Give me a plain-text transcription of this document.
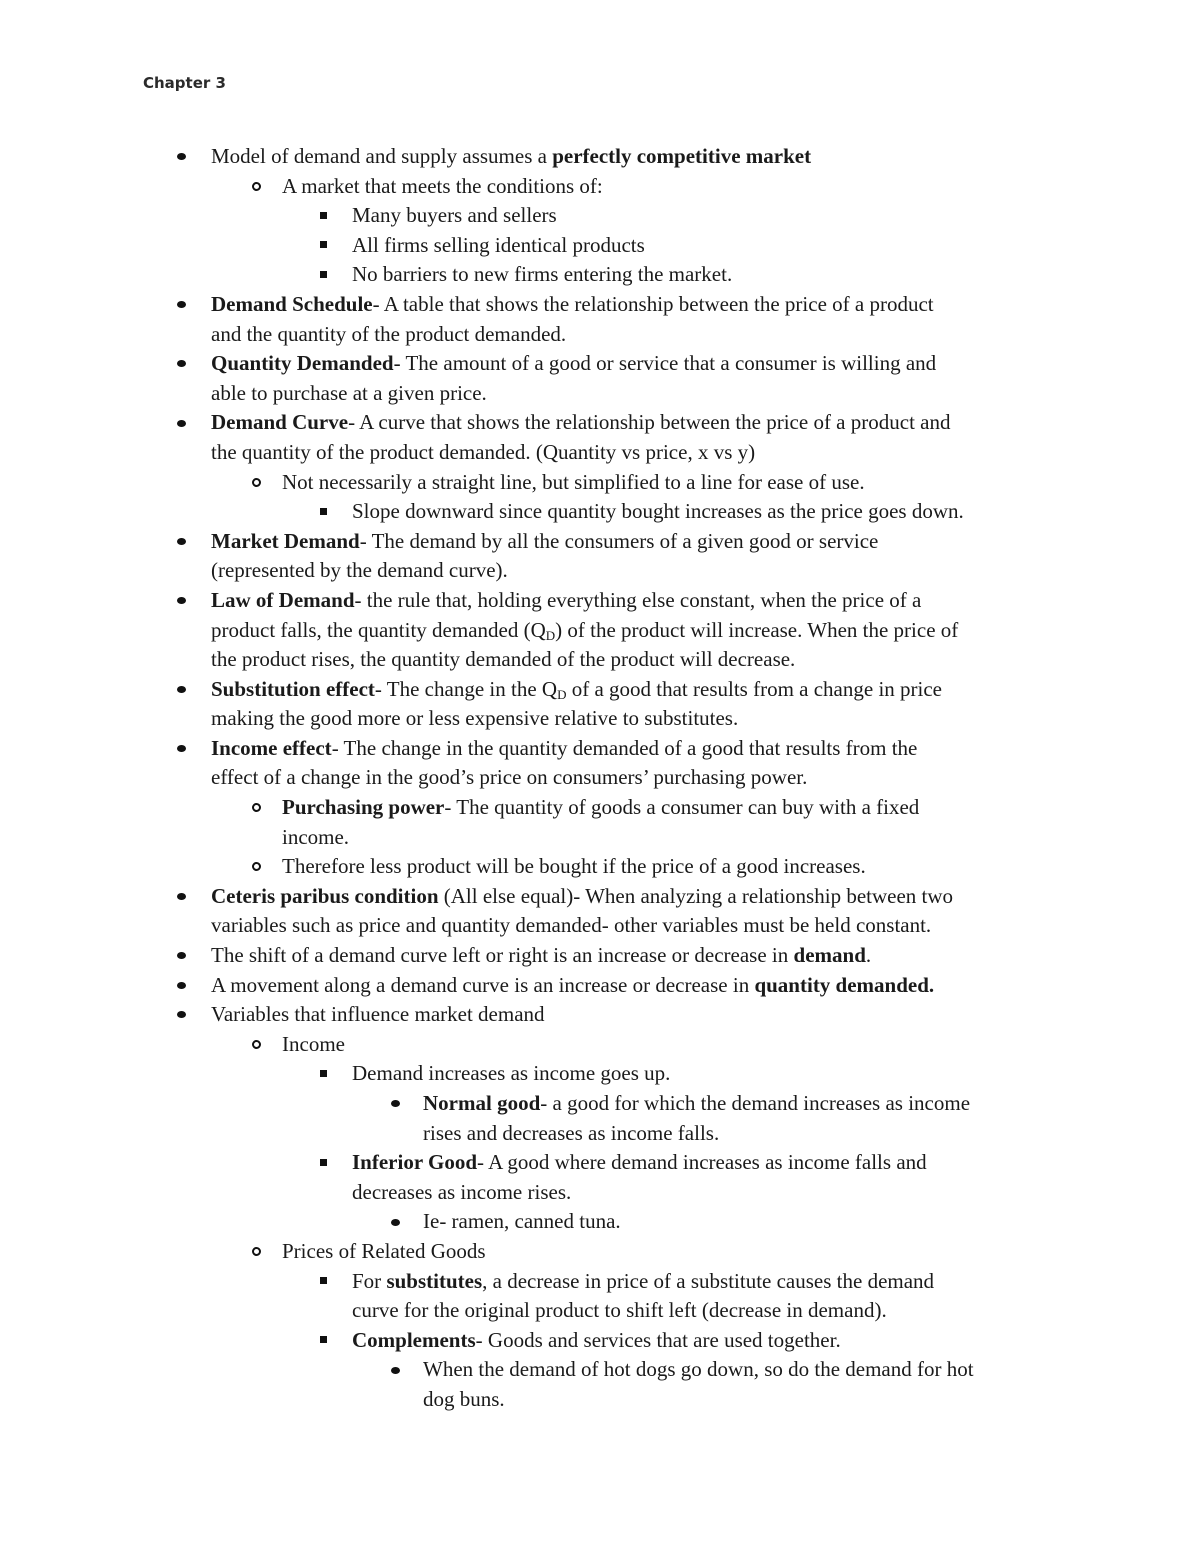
Chapter 3
Model of demand and supply assumes a perfectly competitive market
A market that meets the conditions of:
Many buyers and sellers
All firms selling identical products
No barriers to new firms entering the market.
Demand Schedule- A table that shows the relationship between the price of a product
and the quantity of the product demanded.
Quantity Demanded- The amount of a good or service that a consumer is willing and
able to purchase at a given price.
Demand Curve- A curve that shows the relationship between the price of a product and
the quantity of the product demanded. (Quantity vs price, x vs y)
Not necessarily a straight line, but simplified to a line for ease of use.
Slope downward since quantity bought increases as the price goes down.
Market Demand- The demand by all the consumers of a given good or service
(represented by the demand curve).
Law of Demand- the rule that, holding everything else constant, when the price of a
product falls, the quantity demanded $(Q_D)$ of the product will increase. When the price of
the product rises, the quantity demanded of the product will decrease.
Substitution effect- The change in the $Q_D$ of a good that results from a change in price
making the good more or less expensive relative to substitutes.
Income effect- The change in the quantity demanded of a good that results from the
effect of a change in the good’s price on consumers’ purchasing power.
Purchasing power- The quantity of goods a consumer can buy with a fixed
income.
Therefore less product will be bought if the price of a good increases.
Ceteris paribus condition (All else equal)- When analyzing a relationship between two
variables such as price and quantity demanded- other variables must be held constant.
The shift of a demand curve left or right is an increase or decrease in demand.
A movement along a demand curve is an increase or decrease in quantity demanded.
Variables that influence market demand
Income
Demand increases as income goes up.
Normal good- a good for which the demand increases as income
rises and decreases as income falls.
Inferior Good- A good where demand increases as income falls and
decreases as income rises.
Ie- ramen, canned tuna.
Prices of Related Goods
For substitutes, a decrease in price of a substitute causes the demand
curve for the original product to shift left (decrease in demand).
Complements- Goods and services that are used together.
When the demand of hot dogs go down, so do the demand for hot
dog buns.
